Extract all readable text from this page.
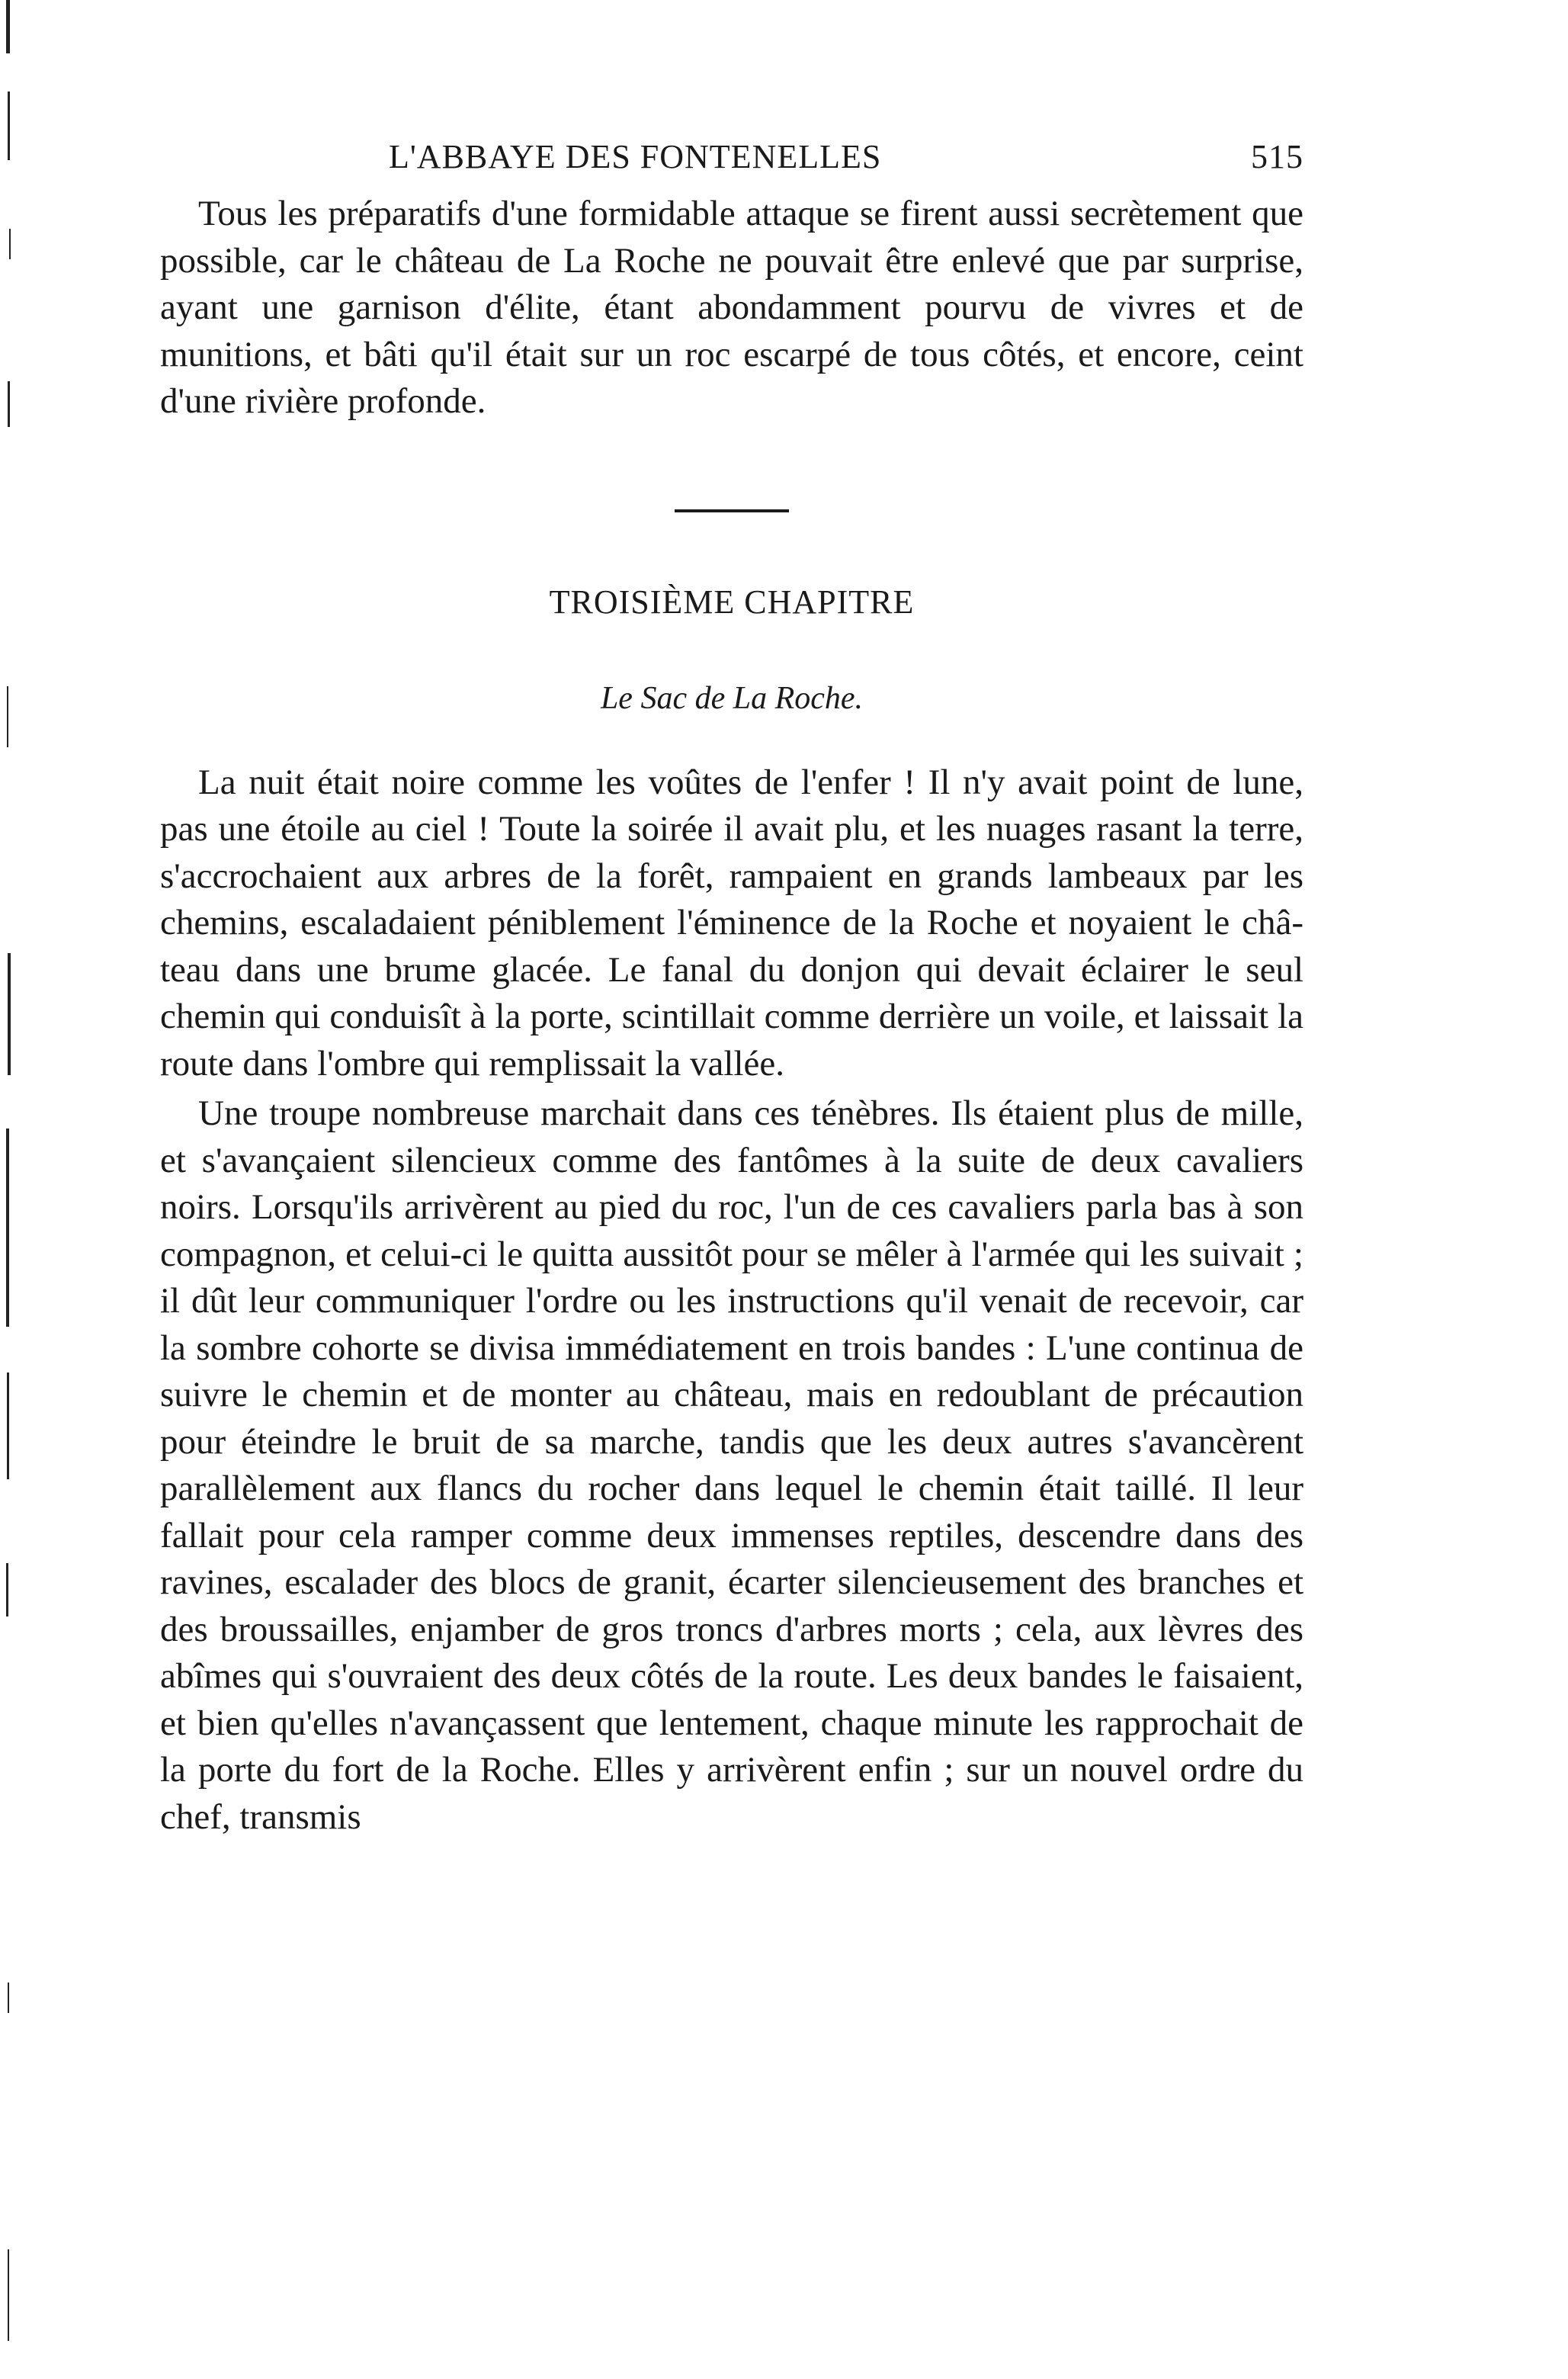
L'ABBAYE DES FONTENELLES	515

Tous les préparatifs d'une formidable attaque se firent aussi secrètement que possible, car le château de La Roche ne pouvait être enlevé que par surprise, ayant une garnison d'élite, étant abondamment pourvu de vivres et de munitions, et bâti qu'il était sur un roc escarpé de tous côtés, et encore, ceint d'une rivière profonde.

TROISIÈME CHAPITRE
Le Sac de La Roche.

La nuit était noire comme les voûtes de l'enfer ! Il n'y avait point de lune, pas une étoile au ciel ! Toute la soirée il avait plu, et les nuages rasant la terre, s'accrochaient aux arbres de la forêt, rampaient en grands lambeaux par les chemins, escaladaient péniblement l'éminence de la Roche et noyaient le château dans une brume glacée. Le fanal du donjon qui devait éclairer le seul chemin qui conduisît à la porte, scintillait comme derrière un voile, et laissait la route dans l'ombre qui remplissait la vallée.

Une troupe nombreuse marchait dans ces ténèbres. Ils étaient plus de mille, et s'avançaient silencieux comme des fantômes à la suite de deux cavaliers noirs. Lorsqu'ils arrivèrent au pied du roc, l'un de ces cavaliers parla bas à son compagnon, et celui-ci le quitta aussitôt pour se mêler à l'armée qui les suivait ; il dût leur communiquer l'ordre ou les instructions qu'il venait de recevoir, car la sombre cohorte se divisa immédiatement en trois bandes : L'une continua de suivre le chemin et de monter au château, mais en redoublant de précaution pour éteindre le bruit de sa marche, tandis que les deux autres s'avancèrent parallèlement aux flancs du rocher dans lequel le chemin était taillé. Il leur fallait pour cela ramper comme deux immenses reptiles, descendre dans des ravines, escalader des blocs de granit, écarter silencieusement des branches et des broussailles, enjamber de gros troncs d'arbres morts ; cela, aux lèvres des abîmes qui s'ouvraient des deux côtés de la route. Les deux bandes le faisaient, et bien qu'elles n'avançassent que lentement, chaque minute les rapprochait de la porte du fort de la Roche. Elles y arrivèrent enfin ; sur un nouvel ordre du chef, transmis
